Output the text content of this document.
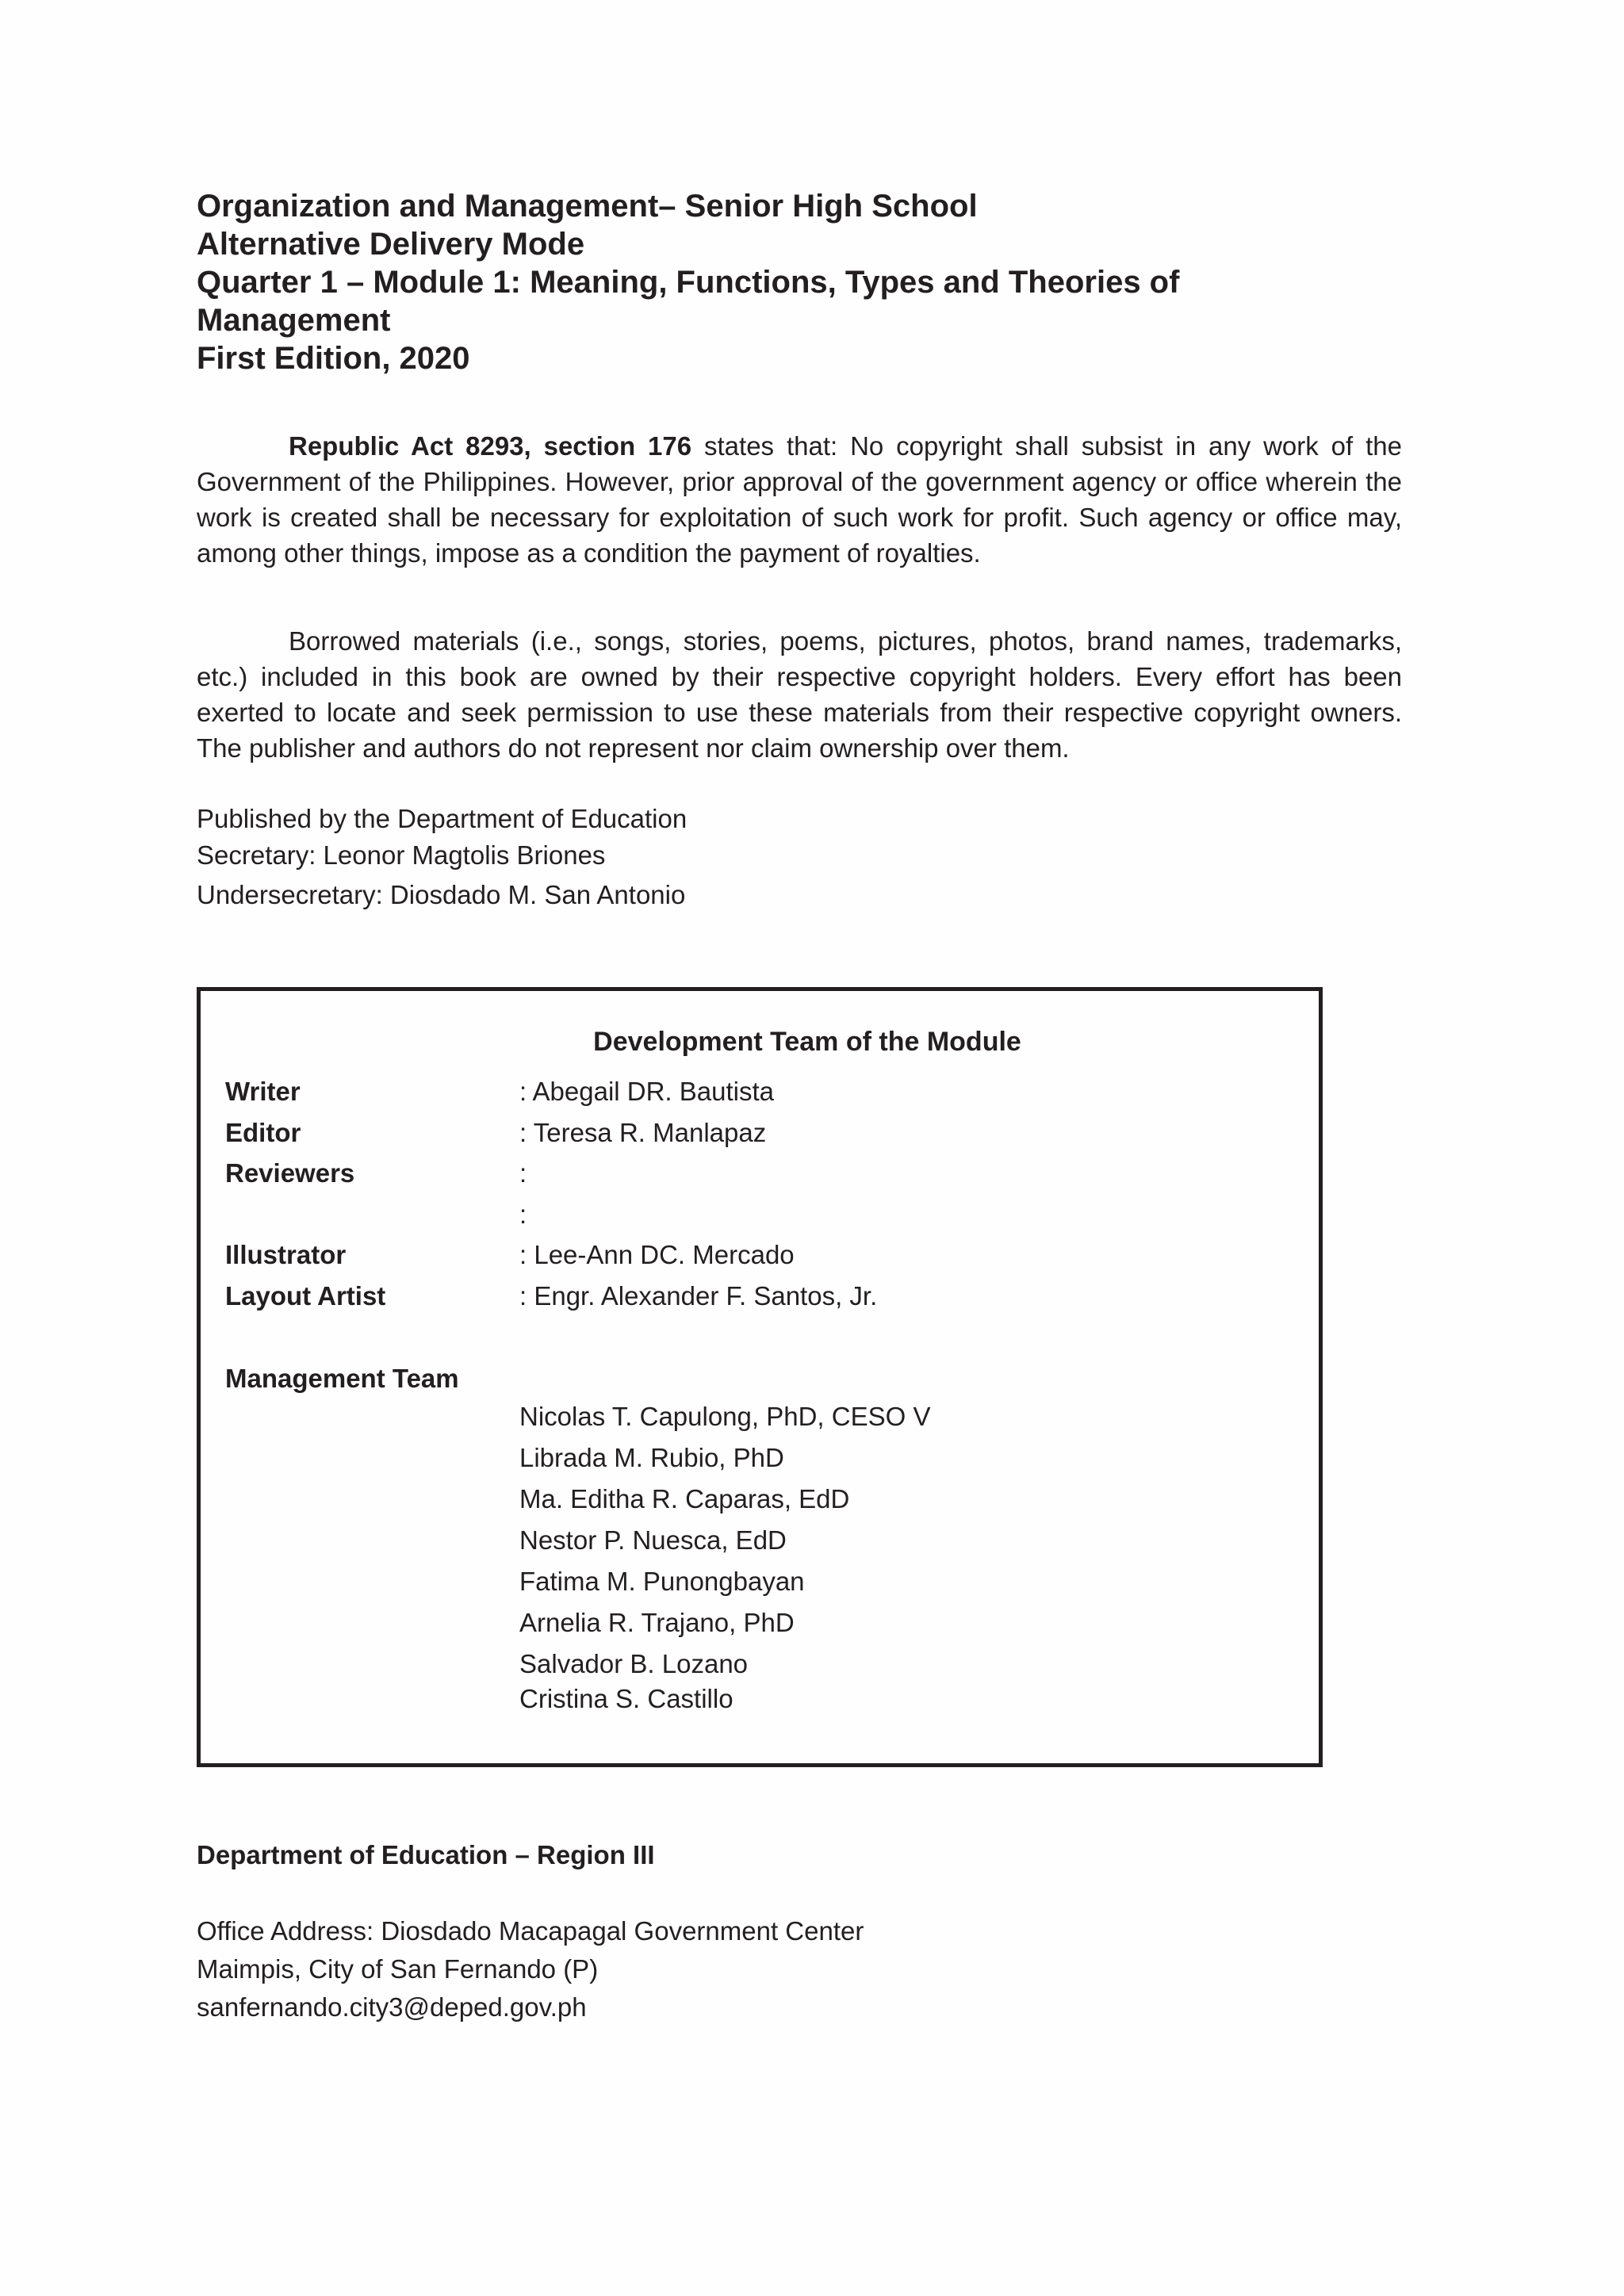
Organization and Management– Senior High School
Alternative Delivery Mode
Quarter 1 – Module 1: Meaning, Functions, Types and Theories of
Management
First Edition, 2020
Republic Act 8293, section 176 states that: No copyright shall subsist in any work of the Government of the Philippines. However, prior approval of the government agency or office wherein the work is created shall be necessary for exploitation of such work for profit. Such agency or office may, among other things, impose as a condition the payment of royalties.
Borrowed materials (i.e., songs, stories, poems, pictures, photos, brand names, trademarks, etc.) included in this book are owned by their respective copyright holders. Every effort has been exerted to locate and seek permission to use these materials from their respective copyright owners. The publisher and authors do not represent nor claim ownership over them.
Published by the Department of Education
Secretary: Leonor Magtolis Briones
Undersecretary: Diosdado M. San Antonio
Development Team of the Module
Writer	: Abegail DR. Bautista
Editor	: Teresa R. Manlapaz
Reviewers	:
:
Illustrator	: Lee-Ann DC. Mercado
Layout Artist	: Engr. Alexander F. Santos, Jr.
Management Team
Nicolas T. Capulong, PhD, CESO V
Librada M. Rubio, PhD
Ma. Editha R. Caparas, EdD
Nestor P. Nuesca, EdD
Fatima M. Punongbayan
Arnelia R. Trajano, PhD
Salvador B. Lozano
Cristina S. Castillo
Department of Education – Region III
Office Address: Diosdado Macapagal Government Center
Maimpis, City of San Fernando (P)
sanfernando.city3@deped.gov.ph
